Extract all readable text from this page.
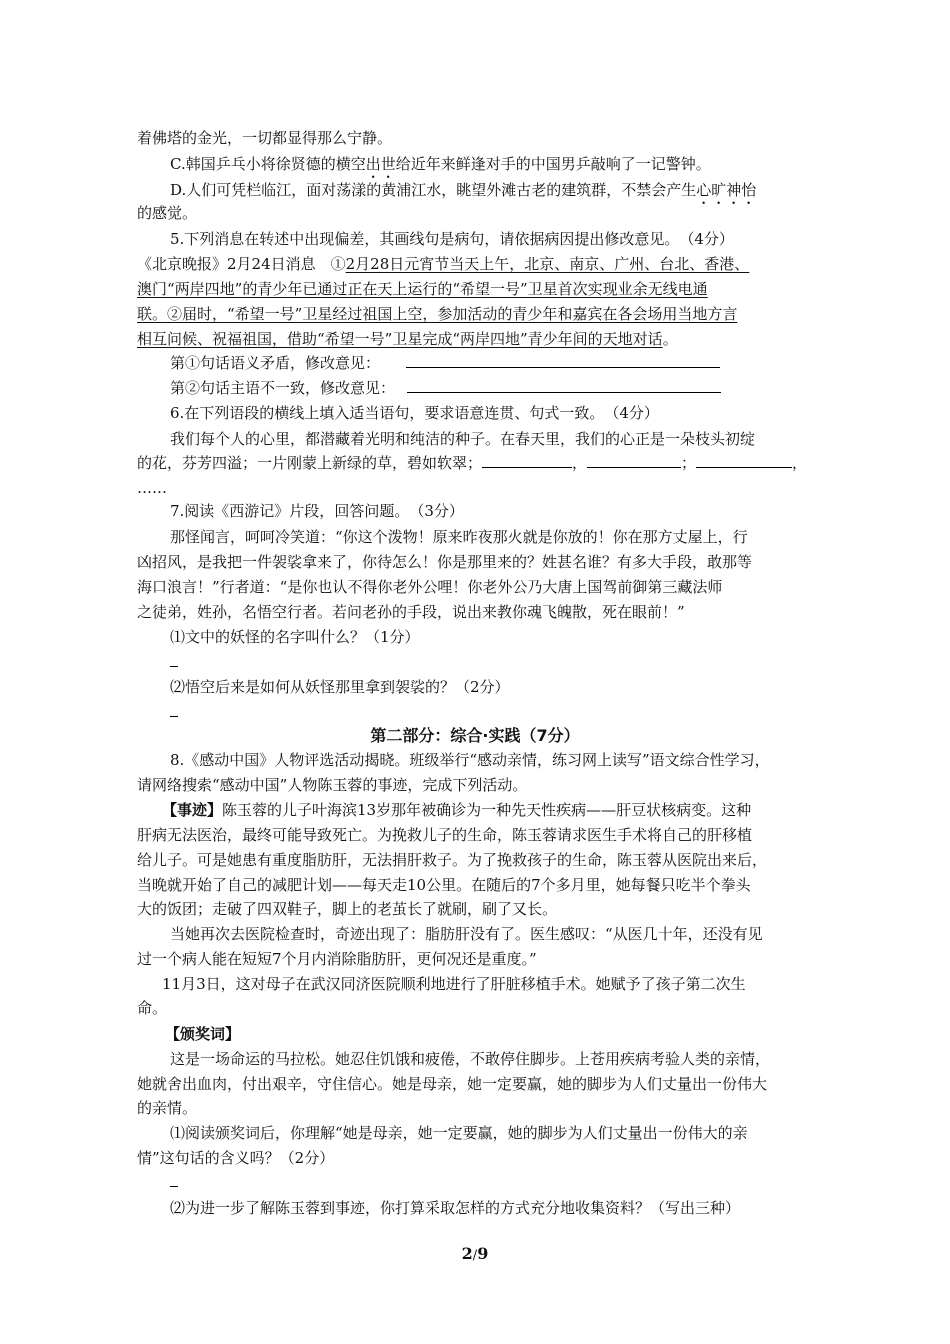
着佛塔的金光，一切都显得那么宁静。
C.韩国乒乓小将徐贤德的横空出世给近年来鲜逢对手的中国男乒敲响了一记警钟。
D.人们可凭栏临江，面对荡漾的黄浦江水，眺望外滩古老的建筑群，不禁会产生心旷神怡
的感觉。
5.下列消息在转述中出现偏差，其画线句是病句，请依据病因提出修改意见。　（4分）
《北京晚报》2月24日消息　①2月28日元宵节当天上午，北京、南京、广州、台北、香港、
澳门“两岸四地”的青少年已通过正在天上运行的“希望一号”卫星首次实现业余无线电通
联。②届时，“希望一号”卫星经过祖国上空，参加活动的青少年和嘉宾在各会场用当地方言
相互问候、祝福祖国，借助“希望一号”卫星完成“两岸四地”青少年间的天地对话。
第①句话语义矛盾，修改意见：
第②句话主语不一致，修改意见：
6.在下列语段的横线上填入适当语句，要求语意连贯、句式一致。　（4分）
我们每个人的心里，都潜藏着光明和纯洁的种子。在春天里，我们的心正是一朵枝头初绽
的花，芬芳四溢；一片刚蒙上新绿的草，碧如软翠；	，	；	，
……
7.阅读《西游记》片段，回答问题。　（3分）
那怪闻言，呵呵冷笑道：“你这个泼物！原来昨夜那火就是你放的！你在那方丈屋上，行
凶招风，是我把一件袈裟拿来了，你待怎么！你是那里来的？姓甚名谁？有多大手段，敢那等
海口浪言！”行者道：“是你也认不得你老外公哩！你老外公乃大唐上国驾前御第三藏法师
之徒弟，姓孙，名悟空行者。若问老孙的手段，说出来教你魂飞魄散，死在眼前！”
⑴文中的妖怪的名字叫什么？（1分）
⑵悟空后来是如何从妖怪那里拿到袈裟的？（2分）
第二部分：综合·实践（7分）
8.《感动中国》人物评选活动揭晓。班级举行“感动亲情，练习网上读写”语文综合性学习，
请网络搜索“感动中国”人物陈玉蓉的事迹，完成下列活动。
【事迹】陈玉蓉的儿子叶海滨13岁那年被确诊为一种先天性疾病——肝豆状核病变。这种
肝病无法医治，最终可能导致死亡。为挽救儿子的生命，陈玉蓉请求医生手术将自己的肝移植
给儿子。可是她患有重度脂肪肝，无法捐肝救子。为了挽救孩子的生命，陈玉蓉从医院出来后，
当晚就开始了自己的减肥计划——每天走10公里。在随后的7个多月里，她每餐只吃半个拳头
大的饭团；走破了四双鞋子，脚上的老茧长了就刷，刷了又长。
当她再次去医院检查时，奇迹出现了：脂肪肝没有了。医生感叹：“从医几十年，还没有见
过一个病人能在短短7个月内消除脂肪肝，更何况还是重度。”
11月3日，这对母子在武汉同济医院顺利地进行了肝脏移植手术。她赋予了孩子第二次生
命。
【颁奖词】
这是一场命运的马拉松。她忍住饥饿和疲倦，不敢停住脚步。上苍用疾病考验人类的亲情，
她就舍出血肉，付出艰辛，守住信心。她是母亲，她一定要赢，她的脚步为人们丈量出一份伟大
的亲情。
⑴阅读颁奖词后，你理解“她是母亲，她一定要赢，她的脚步为人们丈量出一份伟大的亲
情”这句话的含义吗？（2分）
⑵为进一步了解陈玉蓉到事迹，你打算采取怎样的方式充分地收集资料？（写出三种）
2/9
